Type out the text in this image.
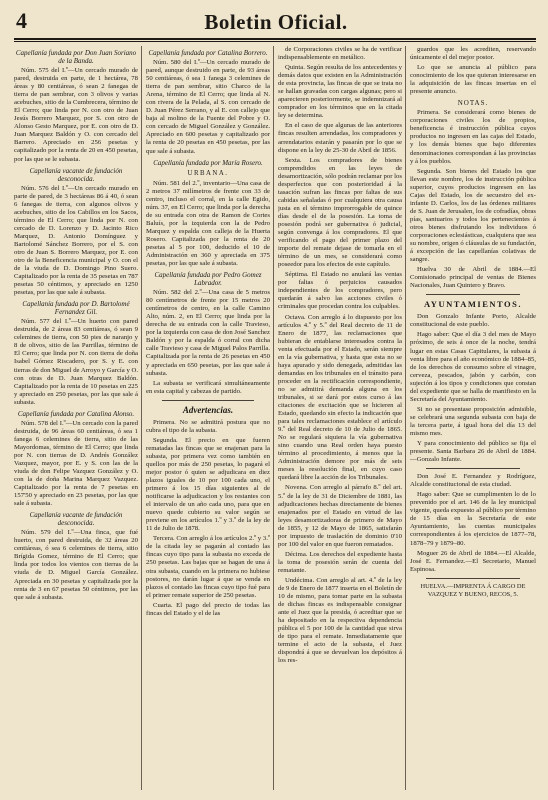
4	Boletin Oficial.
Capellanía fundada por Don Juan Soriano de la Banda.

Núm. 575 del I.º—Un cercado murado de pared, destruida en parte, de 1 hectárea, 78 áreas y 80 centiáreas, ó sean 2 fanegas de tierra de pan sembrar, con 3 olivos y varias acebuches, sitio de la Cumbrecera, término de El Cerro; que linda por N. con otro de Juan Jesús Borrero Marquez, por S. con otro de Alonso Gesto Marquez, por E. con otro de D. Juan Marquez Baldón y O. con cercado del Barrero. Apreciado en 256 pesetas y capitalizado por la renta de 20 en 450 pesetas, por las que se le subasta.

Capellanía vacante de fundación desconocida.

Núm. 576 del I.º—Un cercado murado en parte de pared, de 3 hectáreas 86 á 40, ó sean 6 fanegas de tierra, con algunos olivos y acebuches, sitio de los Cabillos en los Sacos, término de El Cerro; que linda por N. con cercado de D. Lorenzo y D. Jacinto Rico Marquez, D. Antonio Domínguez y Bartolomé Sánchez Borrero, por el S. con otro de Juan S. Borrero Marquez, por E. con otro de la Beneficencia municipal y O. con el de la viuda de D. Domingo Pino Suero. Capitalizado por la renta de 35 pesetas en 787 pesetas 50 céntimos, y apreciado en 1250 pesetas, por las que sale á subasta.

Capellanía fundada por D. Bartolomé Fernandez Gil.

Núm. 577 del I.º—Un huerto con pared destruida, de 2 áreas 83 centiáreas, ó sean 9 celemines de tierra, con 50 pies de naranjo y 8 de olivos, sitio de las Parrillas, término de El Cerro; que linda por N. con tierra de doña Isabel Gómez Riscadero, por S. y E. con tierras de don Miguel de Arroyo y García y O. con otras de D. Juan Marquez Baldón. Capitalizado por la renta de 10 pesetas en 225 y apreciado en 250 pesetas, por las que sale á subasta.

Capellanía fundada por Catalina Alonso.

Núm. 578 del I.º—Un cercado con la pared destruida, de 96 áreas 60 centiáreas, ó sea 1 fanega 6 celemines de tierra, sitio de las Mayordomas, término de El Cerro; que linda por N. con tierras de D. Andrés González Vazquez, mayor, por E. y S. con las de la viuda de don Felipe Vazquez González y O. con la de doña Marina Marquez Vazquez. Capitalizado por la renta de 7 pesetas en 157'50 y apreciado en 23 pesetas, por las que sale á subasta.

Capellanía vacante de fundación desconocida.

Núm. 579 del I.º—Una finca, que fué huerto, con pared destruida, de 32 áreas 20 centiáreas, ó sea 6 celemines de tierra, sitio Brígida Gomez, término de El Cerro; que linda por todos los vientos con tierras de la viuda de D. Miguel García González. Apreciada en 30 pesetas y capitalizada por la renta de 3 en 67 pesetas 50 céntimos, por las que sale á subasta.

Capellanía fundada por Catalina Borrero.

Núm. 580 del I.º—Un cercado murado de pared, aunque destruido en parte, de 93 áreas 50 centiáreas, ó sea 1 fanega 3 celemines de tierra de pan sembrar, sitio Charco de la Arena, término de El Cerro; que linda al N. con rivera de la Pelada, al S. con cercado de D. Juan Pérez Serrano, y al E. con callejo que baja al molino de la Fuente del Pobre y O. con cercado de Miguel González y González. Apreciado en 600 pesetas y capitalizado por la renta de 20 pesetas en 450 pesetas, por las que sale á subasta.

Capellanía fundada por María Rosero.
URBANA.

Núm. 581 del 2.º, inventario—Una casa de 2 metros 37 milímetros de frente con 33 de centro, incluso el corral, en la calle Egido, núm. 37, en El Cerro; que linda por la derecha de su entrada con otra de Ramon de Cortes Baluís, por la izquierda con la de Pedro Marquez y espalda con calleja de la Huerta Rosero. Capitalizada por la renta de 20 pesetas al 5 por 100, deducido el 10 de Administración en 360 y apreciada en 375 pesetas, por las que sale á subasta.

Capellanía fundada por Pedro Gomez Labrador.

Núm. 582 del 2.º—Una casa de 5 metros 80 centímetros de frente por 15 metros 20 centímetros de centro, en la calle Camino Alto, núm. 2, en El Cerro; que linda por la derecha de su entrada con la calle Travieso, por la izquierda con casa de don José Sanchez Baldón y por la espalda ó corral con dicha calle Travieso y casa de Miguel Palos Parrilla. Capitalizada por la renta de 26 pesetas en 450 y apreciada en 650 pesetas, por las que sale á subasta.

La subasta se verificará simultáneamente en esta capital y cabezas de partido.

Advertencias.

Primera. No se admitirá postura que no cubra el tipo de la subasta.

Segunda. El precio en que fueren rematadas las fincas que se enajenan para la subasta, por primera vez como también en quellos por más de 250 pesetas, lo pagará el mejor postor ó quien se adjudicara en diez plazos iguales de 10 por 100 cada uno, el primero á los 15 días siguientes al de notificarse la adjudicacion y los restantes con el intervalo de un año cada uno, para que en nuevo quede cubierto su valor según se previene en los artículos 1.º y 3.º de la ley de 11 de Julio de 1878.

Tercera. Con arreglo á los artículos 2.º y 3.º de la citada ley se pagarán al contado las fincas cuyo tipo para la subasta no exceda de 250 pesetas. Las bajas que se hagan de una á otra subasta, cuando en la primera no hubiese postores, no darán lugar á que se venda en plazos el contado las fincas cuyo tipo fué para el primer remate superior de 250 pesetas.

Cuarta. El pago del precio de todas las fincas del Estado y el de las

de Corporaciones civiles se ha de verificar indispensablemente en metálico.

Quinta. Según resulta de los antecedentes y demás datos que existen en la Administración de esta provincia, las fincas de que se trata no se hallan gravadas con cargas algunas; pero si aparecieren posteriormente, se indemnizará al comprador en los términos que en la citada ley se determina.

En el caso de que algunas de las anteriores fincas resulten arrendadas, los compradores y arrendatarios estarán y pasarán por lo que se dispone en la ley de 25-30 de Abril de 1856.

Sexta. Los compradores de bienes comprendidos en las leyes de desamortización, sólo podrán reclamar por los desperfectos que con posterioridad á la tasación sufran las fincas por faltas de sus cabidas señaladas ó por cualquiera otra causa justa en el término improrrogable de quince días desde el de la posesión. La toma de posesión podrá ser gubernativa ó judicial, según convenga á los compradores. El que verificando el pago del primer plazo del importe del remate dejase de tomarla en el término de un mes, se considerará como poseedor para los efectos de este capítulo.

Séptima. El Estado no anulará las ventas por faltas ó perjuicios causados independientes de los compradores, pero quedarán á salvo las acciones civiles ó criminales que procedan contra los culpables.

Octava. Con arreglo á lo dispuesto por los artículos 4.º y 5.º del Real decreto de 11 de Enero de 1877, las reclamaciones que hubieran de entablarse interesados contra la venta efectuada por el Estado, serán siempre en la vía gubernativa, y hasta que esta no se haya apurado y sido denegada, admitidas las demandas en los tribunales en el tránsito para proceder en la rectificación correspondiente, no se admitirá demanda alguna en los tribunales, si se dará por estos curso á las citaciones de excitación que se hicieren al Estado, quedando sin efecto la indicación que para tales reclamaciones establece el artículo 9.º del Real decreto de 10 de Julio de 1865. No se regulará siquiera la vía gubernativa sino cuando una Real orden haya puesto término al procedimiento, á menos que la Administración demore por más de seis meses la resolución final, en cuyo caso quedará libre la acción de los Tribunales.

Novena. Con arreglo al párrafo 8.º del art. 5.º de la ley de 31 de Diciembre de 1881, las adjudicaciones hechas directamente de bienes enajenados por el Estado en virtud de las leyes desamortizadoras de primero de Mayo de 1855, y 12 de Mayo de 1865, satisfarán por impuesto de traslación de dominio 0'10 por 100 del valor en que fueron rematados.

Décima. Los derechos del expediente hasta la toma de posesión serán de cuenta del rematante.

Undécima. Con arreglo al art. 4.º de la ley de 9 de Enero de 1877 inserta en el Boletín de 10 de mismo, para tomar parte en la subasta de dichas fincas es indispensable consignar ante el Juez que la presida, ó acreditar que se ha depositado en la respectiva dependencia pública el 5 por 100 de la cantidad que sirva de tipo para el remate. Inmediatamente que termine el acto de la subasta, el Juez dispondrá á que se devuelvan los depósitos á los res-

guardos que les acrediten, reservando únicamente el del mejor postor.

Lo que se anuncia al público para conocimiento de los que quieran interesarse en la adquisición de las fincas insertas en el presente anuncio.

NOTAS.

Primera. Se considerará como bienes de corporaciones civiles los de propios, beneficencia é instrucción pública cuyos productos no ingresen en las cajas del Estado, y los demás bienes que bajo diferentes denominaciones correspondan á las provincias y á los pueblos.

Segunda. Son bienes del Estado los que llevan este nombre, los de instrucción pública superior, cuyos productos ingresen en las Cajas del Estado, los de secuestro del ex-infante D. Carlos, los de las órdenes militares de S. Juan de Jerusalen, los de cofradías, obras pías, santuarios y todos los pertenecientes á otros bienes disfrutando los individuos ó corporaciones eclesiásticas, cualquiera que sea su nombre, origen ó cláusulas de su fundación, á excepción de las capellanías colativas de sangre.

Huelva 30 de Abril de 1884.—El Comisionado principal de ventas de Bienes Nacionales, Juan Quintero y Bravo.

AYUNTAMIENTOS.

Don Gonzalo Infante Porto, Alcalde constitucional de este pueblo.

Hago saber: Que el día 3 del mes de Mayo próximo, de seis á once de la noche, tendrá lugar en estas Casas Capitulares, la subasta á venta libre para el año económico de 1884–85, de los derechos de consumo sobre el vinagre, cerveza, pescados, jabón y carbón, con sujeción á los tipos y condiciones que constan del expediente que se halla de manifiesto en la Secretaría del Ayuntamiento.

Si no se presentase proposición admisible, se celebrará una segunda subasta con baja de la tercera parte, á igual hora del día 13 del mismo mes.

Y para conocimiento del público se fija el presente. Santa Barbara 26 de Abril de 1884.—Gonzalo Infante.

Don José E. Fernandez y Rodríguez, Alcalde constitucional de esta ciudad.

Hago saber: Que se cumplimenten lo de lo prevenido por el art. 146 de la ley municipal vigente, queda expuesto al público por término de 15 días en la Secretaría de este Ayuntamiento, las cuentas municipales correspondientes á los ejercicios de 1877–78, 1878–79 y 1879–80.

Moguer 26 de Abril de 1884.—El Alcalde, José E. Fernandez.—El Secretario, Manuel Espinosa.

HUELVA.—IMPRENTA Á CARGO DE VAZQUEZ Y BUENO, RECOS, 5.
